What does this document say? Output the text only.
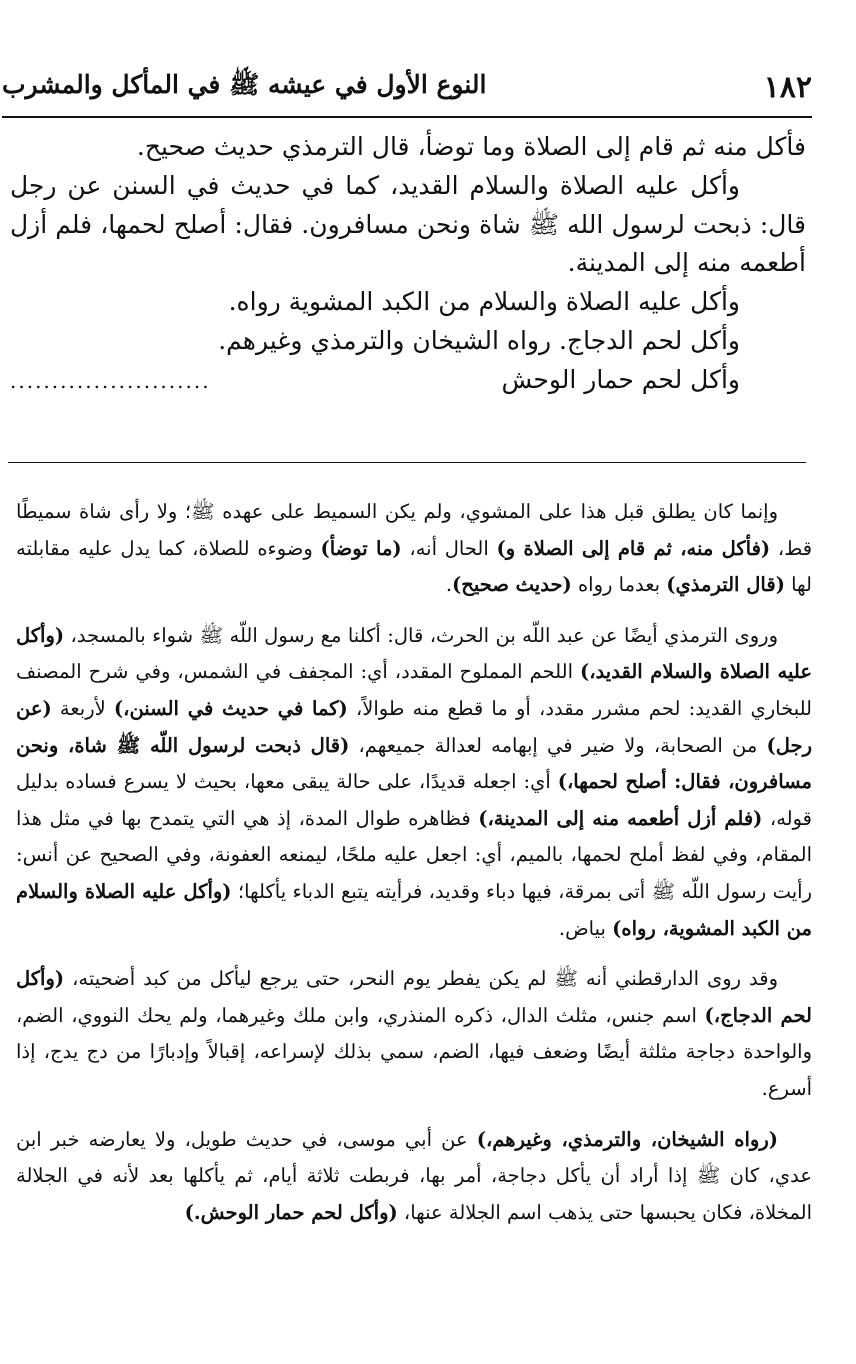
١٨٢
النوع الأول في عيشه ﷺ في المأكل والمشرب

فأكل منه ثم قام إلى الصلاة وما توضأ، قال الترمذي حديث صحيح.

وأكل عليه الصلاة والسلام القديد، كما في حديث في السنن عن رجل قال: ذبحت لرسول الله ﷺ شاة ونحن مسافرون. فقال: أصلح لحمها، فلم أزل أطعمه منه إلى المدينة.

وأكل عليه الصلاة والسلام من الكبد المشوية رواه.

وأكل لحم الدجاج. رواه الشيخان والترمذي وغيرهم.

وأكل لحم حمار الوحش
........................

وإنما كان يطلق قبل هذا على المشوي، ولم يكن السميط على عهده ﷺ؛ ولا رأى شاة سميطًا قط، (فأكل منه، ثم قام إلى الصلاة و) الحال أنه، (ما توضأ) وضوءه للصلاة، كما يدل عليه مقابلته لها (قال الترمذي) بعدما رواه (حديث صحيح).

وروى الترمذي أيضًا عن عبد اللّه بن الحرث، قال: أكلنا مع رسول اللّه ﷺ شواء بالمسجد، (وأكل عليه الصلاة والسلام القديد،) اللحم المملوح المقدد، أي: المجفف في الشمس، وفي شرح المصنف للبخاري القديد: لحم مشرر مقدد، أو ما قطع منه طوالاً، (كما في حديث في السنن،) لأربعة (عن رجل) من الصحابة، ولا ضير في إبهامه لعدالة جميعهم، (قال ذبحت لرسول اللّه ﷺ شاة، ونحن مسافرون، فقال: أصلح لحمها،) أي: اجعله قديدًا، على حالة يبقى معها، بحيث لا يسرع فساده بدليل قوله، (فلم أزل أطعمه منه إلى المدينة،) فظاهره طوال المدة، إذ هي التي يتمدح بها في مثل هذا المقام، وفي لفظ أملح لحمها، بالميم، أي: اجعل عليه ملحًا، ليمنعه العفونة، وفي الصحيح عن أنس: رأيت رسول اللّه ﷺ أتى بمرقة، فيها دباء وقديد، فرأيته يتبع الدباء يأكلها؛ (وأكل عليه الصلاة والسلام من الكبد المشوية، رواه) بياض.

وقد روى الدارقطني أنه ﷺ لم يكن يفطر يوم النحر، حتى يرجع ليأكل من كبد أضحيته، (وأكل لحم الدجاج،) اسم جنس، مثلث الدال، ذكره المنذري، وابن ملك وغيرهما، ولم يحك النووي، الضم، والواحدة دجاجة مثلثة أيضًا وضعف فيها، الضم، سمي بذلك لإسراعه، إقبالاً وإدبارًا من دج يدج، إذا أسرع.

(رواه الشيخان، والترمذي، وغيرهم،) عن أبي موسى، في حديث طويل، ولا يعارضه خبر ابن عدي، كان ﷺ إذا أراد أن يأكل دجاجة، أمر بها، فربطت ثلاثة أيام، ثم يأكلها بعد لأنه في الجلالة المخلاة، فكان يحبسها حتى يذهب اسم الجلالة عنها، (وأكل لحم حمار الوحش.)
